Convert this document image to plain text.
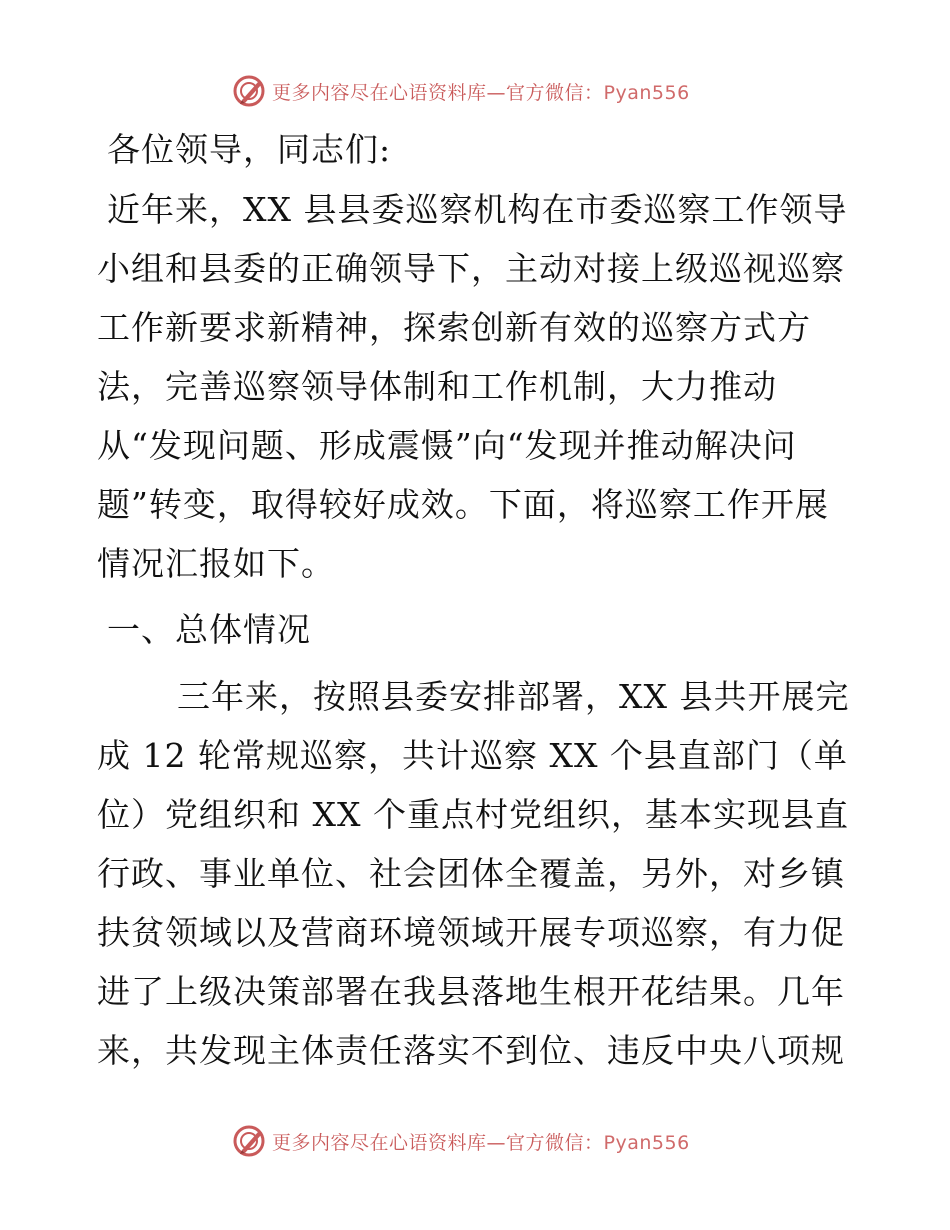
更多内容尽在心语资料库—官方微信：Pyan556
各位领导，同志们:
近年来，XX 县县委巡察机构在市委巡察工作领导
小组和县委的正确领导下，主动对接上级巡视巡察
工作新要求新精神，探索创新有效的巡察方式方
法，完善巡察领导体制和工作机制，大力推动
从“发现问题、形成震慑”向“发现并推动解决问
题”转变，取得较好成效。下面，将巡察工作开展
情况汇报如下。
一、总体情况
三年来，按照县委安排部署，XX 县共开展完
成 12 轮常规巡察，共计巡察 XX 个县直部门（单
位）党组织和 XX 个重点村党组织，基本实现县直
行政、事业单位、社会团体全覆盖，另外，对乡镇
扶贫领域以及营商环境领域开展专项巡察，有力促
进了上级决策部署在我县落地生根开花结果。几年
来，共发现主体责任落实不到位、违反中央八项规
更多内容尽在心语资料库—官方微信：Pyan556
